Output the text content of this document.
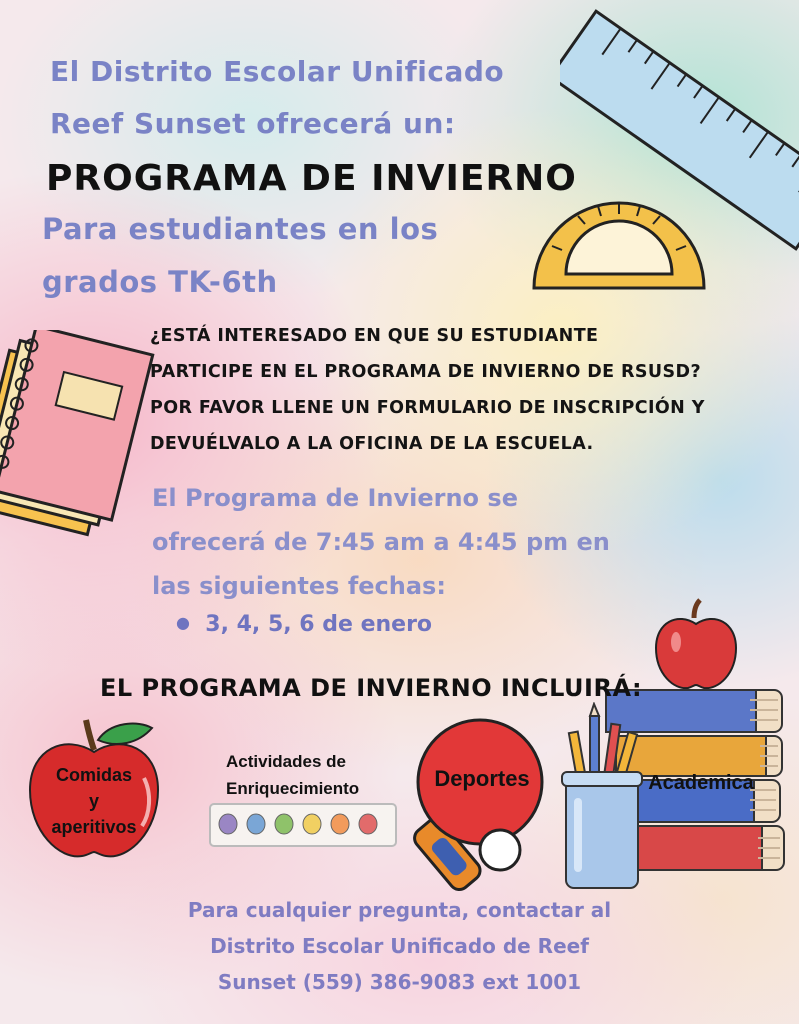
El Distrito Escolar Unificado
Reef Sunset ofrecerá un:
PROGRAMA DE INVIERNO
Para estudiantes en los
grados TK-6th
¿ESTÁ INTERESADO EN QUE SU ESTUDIANTE
PARTICIPE EN EL PROGRAMA DE INVIERNO DE RSUSD?
POR FAVOR LLENE UN FORMULARIO DE INSCRIPCIÓN Y
DEVUÉLVALO A LA OFICINA DE LA ESCUELA.
El Programa de Invierno se
ofrecerá de 7:45 am a 4:45 pm en
las siguientes fechas:
● 3, 4, 5, 6 de enero
EL PROGRAMA DE INVIERNO INCLUIRÁ:
Comidas
y
aperitivos
Actividades de
Enriquecimiento	Deportes	Academica
Para cualquier pregunta, contactar al
Distrito Escolar Unificado de Reef
Sunset (559) 386-9083 ext 1001
